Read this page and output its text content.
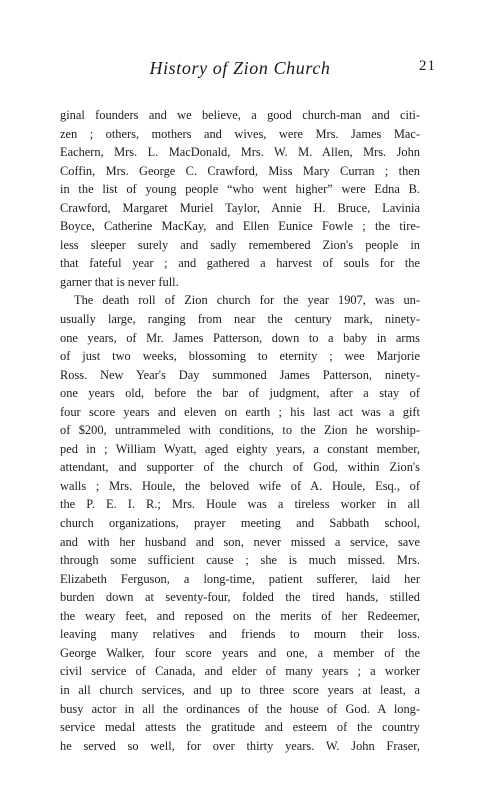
History of Zion Church	21

ginal founders and we believe, a good church-man and citi-
zen ; others, mothers and wives, were Mrs. James Mac-
Eachern, Mrs. L. MacDonald, Mrs. W. M. Allen, Mrs. John
Coffin, Mrs. George C. Crawford, Miss Mary Curran ; then
in the list of young people “who went higher” were Edna B.
Crawford, Margaret Muriel Taylor, Annie H. Bruce, Lavinia
Boyce, Catherine MacKay, and Ellen Eunice Fowle ; the tire-
less sleeper surely and sadly remembered Zion's people in
that fateful year ; and gathered a harvest of souls for the
garner that is never full.

The death roll of Zion church for the year 1907, was un-
usually large, ranging from near the century mark, ninety-
one years, of Mr. James Patterson, down to a baby in arms
of just two weeks, blossoming to eternity ; wee Marjorie
Ross. New Year's Day summoned James Patterson, ninety-
one years old, before the bar of judgment, after a stay of
four score years and eleven on earth ; his last act was a gift
of $200, untrammeled with conditions, to the Zion he worship-
ped in ; William Wyatt, aged eighty years, a constant member,
attendant, and supporter of the church of God, within Zion's
walls ; Mrs. Houle, the beloved wife of A. Houle, Esq., of
the P. E. I. R.; Mrs. Houle was a tireless worker in all
church organizations, prayer meeting and Sabbath school,
and with her husband and son, never missed a service, save
through some sufficient cause ; she is much missed. Mrs.
Elizabeth Ferguson, a long-time, patient sufferer, laid her
burden down at seventy-four, folded the tired hands, stilled
the weary feet, and reposed on the merits of her Redeemer,
leaving many relatives and friends to mourn their loss.
George Walker, four score years and one, a member of the
civil service of Canada, and elder of many years ; a worker
in all church services, and up to three score years at least, a
busy actor in all the ordinances of the house of God. A long-
service medal attests the gratitude and esteem of the country
he served so well, for over thirty years. W. John Fraser,
